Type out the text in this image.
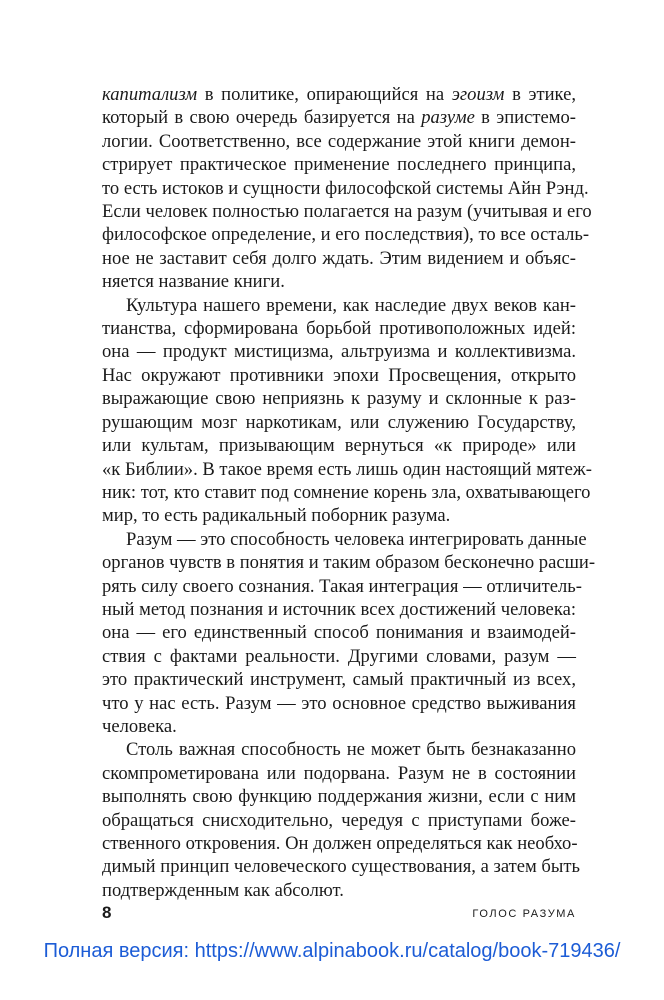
капитализм в политике, опирающийся на эгоизм в этике,
который в свою очередь базируется на разуме в эпистемо-
логии. Соответственно, все содержание этой книги демон-
стрирует практическое применение последнего принципа,
то есть истоков и сущности философской системы Айн Рэнд.
Если человек полностью полагается на разум (учитывая и его
философское определение, и его последствия), то все осталь-
ное не заставит себя долго ждать. Этим видением и объяс-
няется название книги.
Культура нашего времени, как наследие двух веков кан-
тианства, сформирована борьбой противоположных идей:
она — продукт мистицизма, альтруизма и коллективизма.
Нас окружают противники эпохи Просвещения, открыто
выражающие свою неприязнь к разуму и склонные к раз-
рушающим мозг наркотикам, или служению Государству,
или культам, призывающим вернуться «к природе» или
«к Библии». В такое время есть лишь один настоящий мятеж-
ник: тот, кто ставит под сомнение корень зла, охватывающего
мир, то есть радикальный поборник разума.
Разум — это способность человека интегрировать данные
органов чувств в понятия и таким образом бесконечно расши-
рять силу своего сознания. Такая интеграция — отличитель-
ный метод познания и источник всех достижений человека:
она — его единственный способ понимания и взаимодей-
ствия с фактами реальности. Другими словами, разум —
это практический инструмент, самый практичный из всех,
что у нас есть. Разум — это основное средство выживания
человека.
Столь важная способность не может быть безнаказанно
скомпрометирована или подорвана. Разум не в состоянии
выполнять свою функцию поддержания жизни, если с ним
обращаться снисходительно, чередуя с приступами боже-
ственного откровения. Он должен определяться как необхо-
димый принцип человеческого существования, а затем быть
подтвержденным как абсолют.
8	ГОЛОС РАЗУМА
Полная версия: https://www.alpinabook.ru/catalog/book-719436/
